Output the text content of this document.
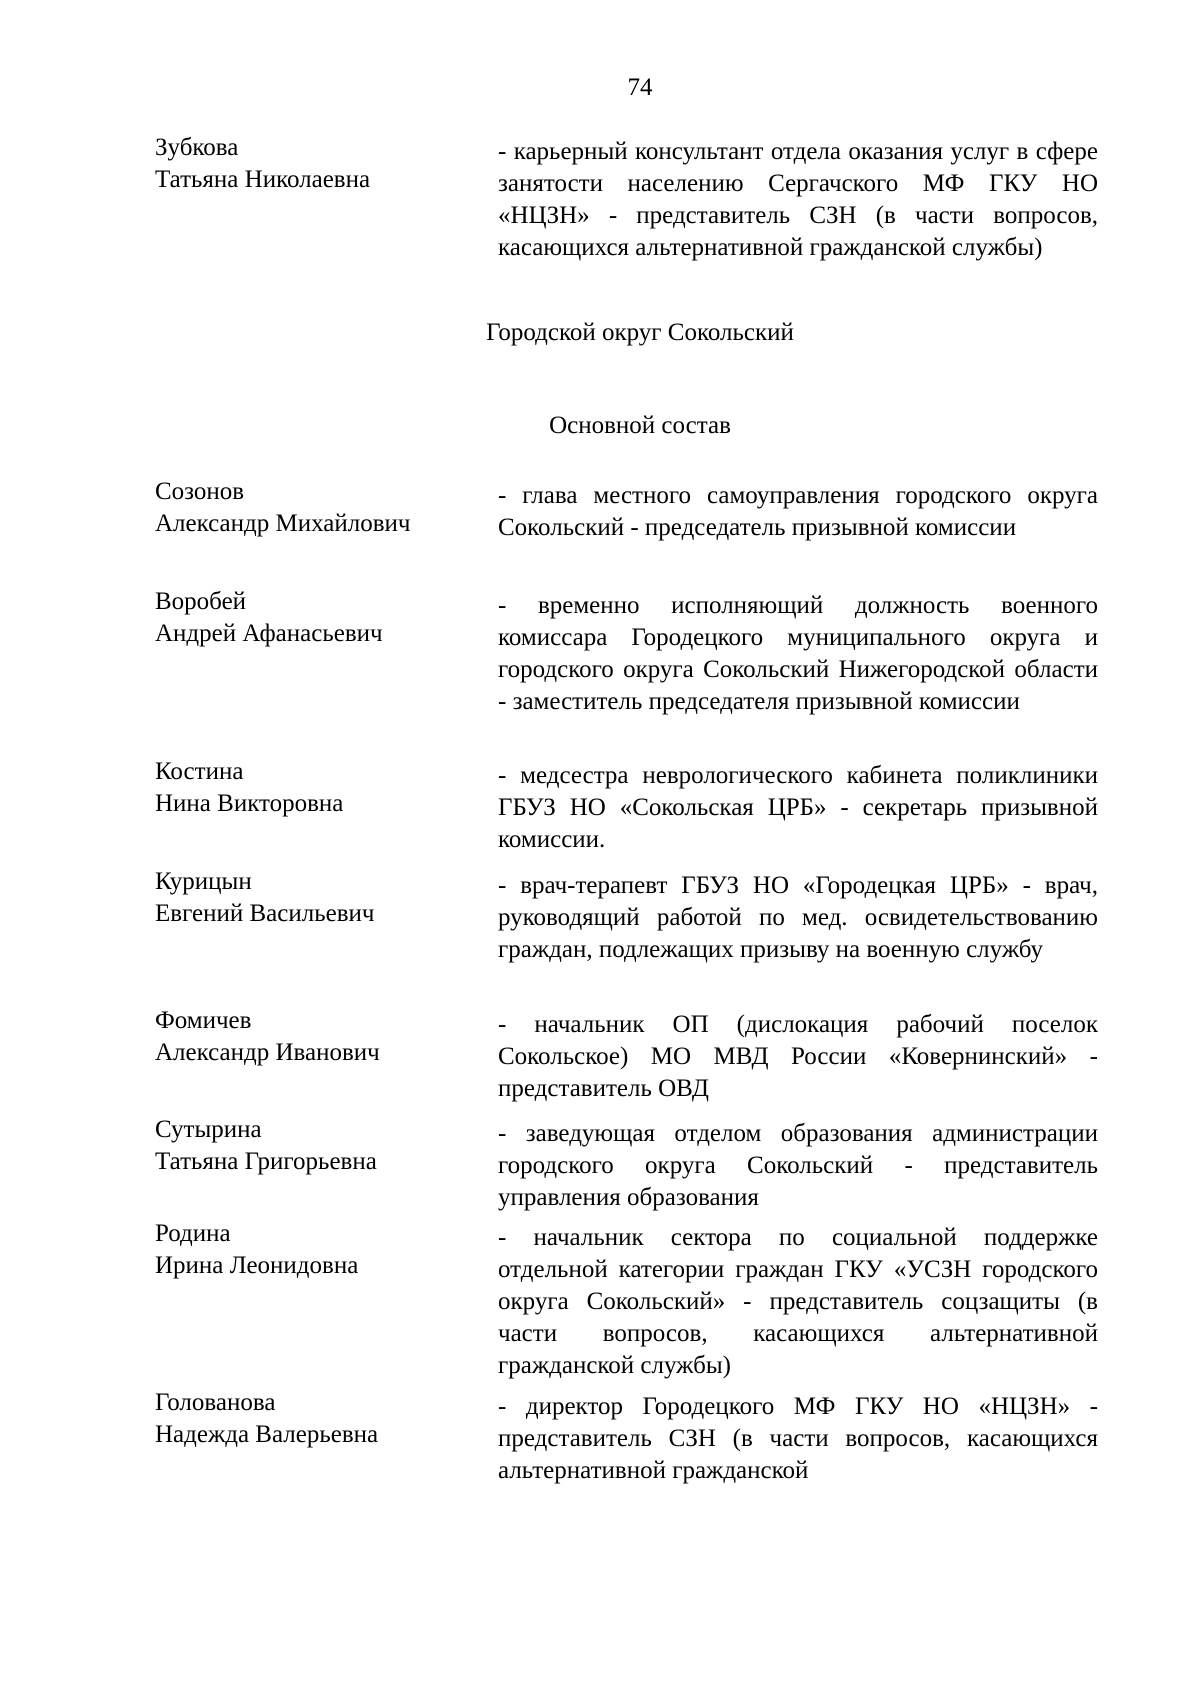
74
Зубкова
Татьяна Николаевна
- карьерный консультант отдела оказания услуг в сфере занятости населению Сергачского МФ ГКУ НО «НЦЗН» - представитель СЗН (в части вопросов, касающихся альтернативной гражданской службы)
Городской округ Сокольский
Основной состав
Созонов
Александр Михайлович
- глава местного самоуправления городского округа Сокольский - председатель призывной комиссии
Воробей
Андрей Афанасьевич
- временно исполняющий должность военного комиссара Городецкого муниципального округа и городского округа Сокольский Нижегородской области - заместитель председателя призывной комиссии
Костина
Нина Викторовна
- медсестра неврологического кабинета поликлиники ГБУЗ НО «Сокольская ЦРБ» - секретарь призывной комиссии.
Курицын
Евгений Васильевич
- врач-терапевт ГБУЗ НО «Городецкая ЦРБ» - врач, руководящий работой по мед. освидетельствованию граждан, подлежащих призыву на военную службу
Фомичев
Александр Иванович
- начальник ОП (дислокация рабочий поселок Сокольское) МО МВД России «Ковернинский» - представитель ОВД
Сутырина
Татьяна Григорьевна
- заведующая отделом образования администрации городского округа Сокольский - представитель управления образования
Родина
Ирина Леонидовна
- начальник сектора по социальной поддержке отдельной категории граждан ГКУ «УСЗН городского округа Сокольский» - представитель соцзащиты (в части вопросов, касающихся альтернативной гражданской службы)
Голованова
Надежда Валерьевна
- директор Городецкого МФ ГКУ НО «НЦЗН» - представитель СЗН (в части вопросов, касающихся альтернативной гражданской
